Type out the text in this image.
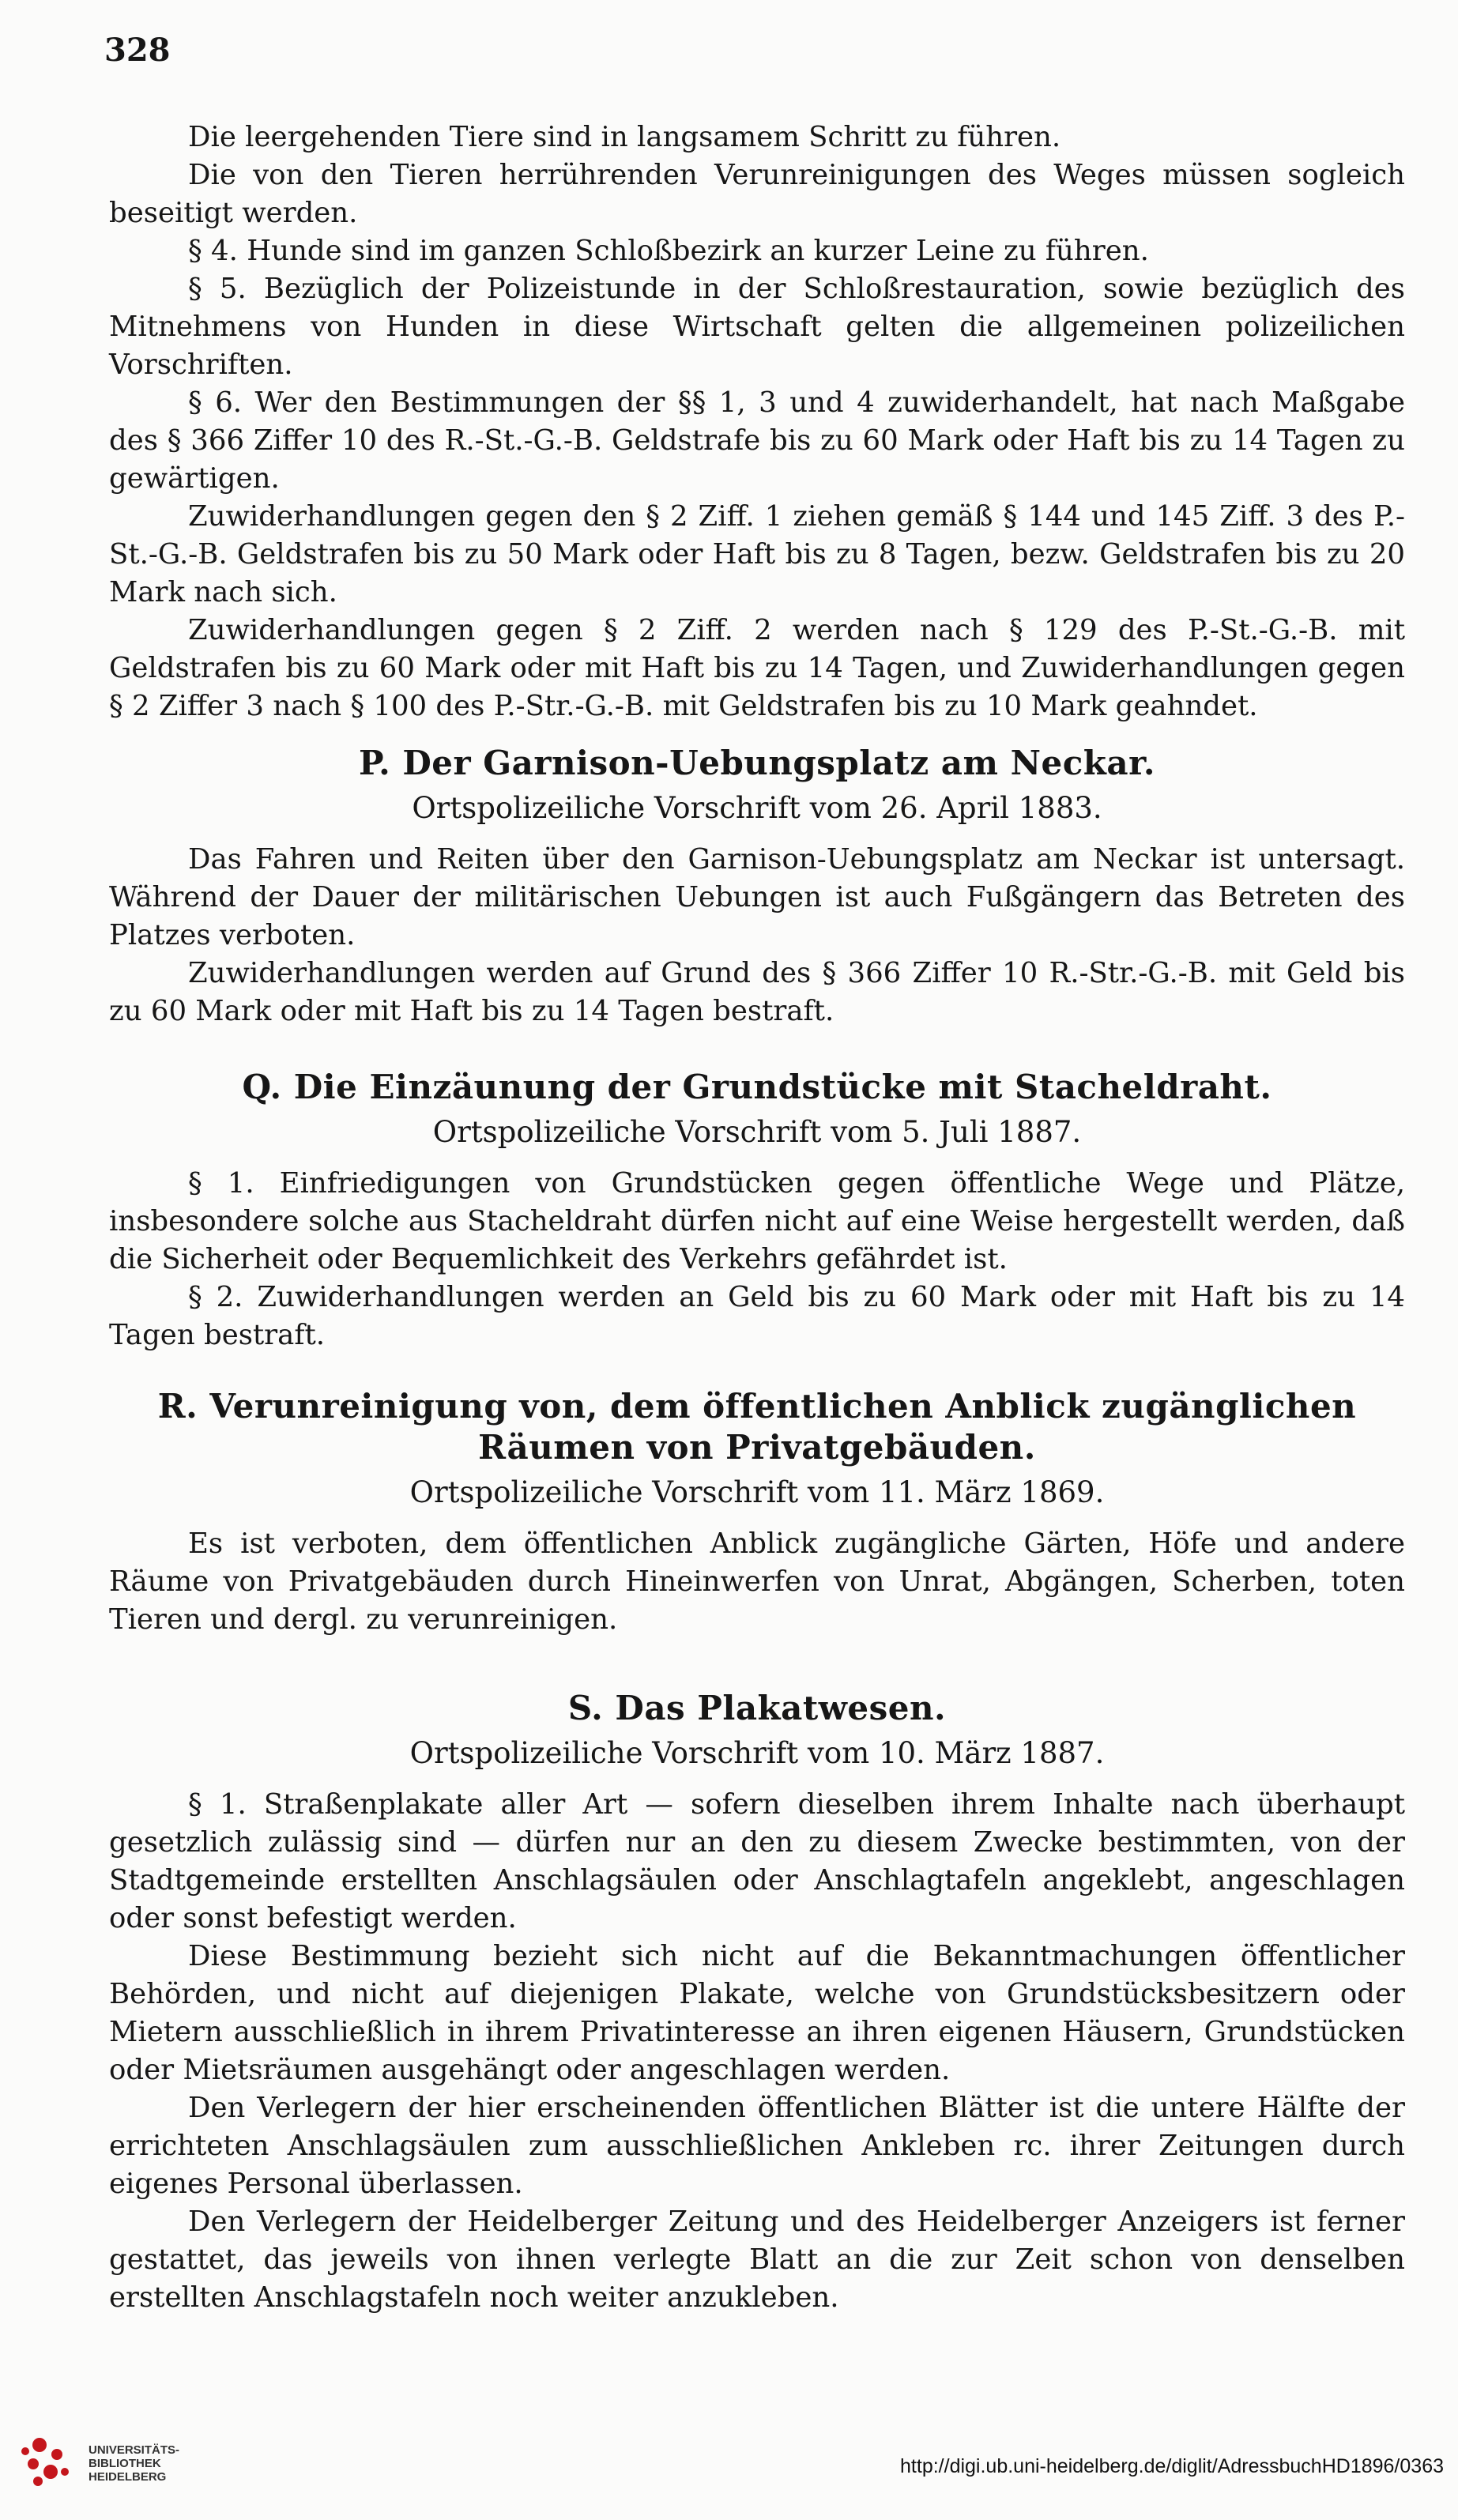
328

Die leergehenden Tiere sind in langsamem Schritt zu führen.

Die von den Tieren herrührenden Verunreinigungen des Weges müssen sogleich beseitigt werden.

§ 4. Hunde sind im ganzen Schloßbezirk an kurzer Leine zu führen.

§ 5. Bezüglich der Polizeistunde in der Schloßrestauration, sowie bezüglich des Mitnehmens von Hunden in diese Wirtschaft gelten die allgemeinen polizeilichen Vorschriften.

§ 6. Wer den Bestimmungen der §§ 1, 3 und 4 zuwiderhandelt, hat nach Maßgabe des § 366 Ziffer 10 des R.-St.-G.-B. Geldstrafe bis zu 60 Mark oder Haft bis zu 14 Tagen zu gewärtigen.

Zuwiderhandlungen gegen den § 2 Ziff. 1 ziehen gemäß § 144 und 145 Ziff. 3 des P.-St.-G.-B. Geldstrafen bis zu 50 Mark oder Haft bis zu 8 Tagen, bezw. Geldstrafen bis zu 20 Mark nach sich.

Zuwiderhandlungen gegen § 2 Ziff. 2 werden nach § 129 des P.-St.-G.-B. mit Geldstrafen bis zu 60 Mark oder mit Haft bis zu 14 Tagen, und Zuwiderhandlungen gegen § 2 Ziffer 3 nach § 100 des P.-Str.-G.-B. mit Geldstrafen bis zu 10 Mark geahndet.

P. Der Garnison-Uebungsplatz am Neckar.
Ortspolizeiliche Vorschrift vom 26. April 1883.

Das Fahren und Reiten über den Garnison-Uebungsplatz am Neckar ist untersagt. Während der Dauer der militärischen Uebungen ist auch Fußgängern das Betreten des Platzes verboten.

Zuwiderhandlungen werden auf Grund des § 366 Ziffer 10 R.-Str.-G.-B. mit Geld bis zu 60 Mark oder mit Haft bis zu 14 Tagen bestraft.

Q. Die Einzäunung der Grundstücke mit Stacheldraht.
Ortspolizeiliche Vorschrift vom 5. Juli 1887.

§ 1. Einfriedigungen von Grundstücken gegen öffentliche Wege und Plätze, insbesondere solche aus Stacheldraht dürfen nicht auf eine Weise hergestellt werden, daß die Sicherheit oder Bequemlichkeit des Verkehrs gefährdet ist.

§ 2. Zuwiderhandlungen werden an Geld bis zu 60 Mark oder mit Haft bis zu 14 Tagen bestraft.

R. Verunreinigung von, dem öffentlichen Anblick zugänglichen Räumen von Privatgebäuden.
Ortspolizeiliche Vorschrift vom 11. März 1869.

Es ist verboten, dem öffentlichen Anblick zugängliche Gärten, Höfe und andere Räume von Privatgebäuden durch Hineinwerfen von Unrat, Abgängen, Scherben, toten Tieren und dergl. zu verunreinigen.

S. Das Plakatwesen.
Ortspolizeiliche Vorschrift vom 10. März 1887.

§ 1. Straßenplakate aller Art — sofern dieselben ihrem Inhalte nach überhaupt gesetzlich zulässig sind — dürfen nur an den zu diesem Zwecke bestimmten, von der Stadtgemeinde erstellten Anschlagsäulen oder Anschlagtafeln angeklebt, angeschlagen oder sonst befestigt werden.

Diese Bestimmung bezieht sich nicht auf die Bekanntmachungen öffentlicher Behörden, und nicht auf diejenigen Plakate, welche von Grundstücksbesitzern oder Mietern ausschließlich in ihrem Privatinteresse an ihren eigenen Häusern, Grundstücken oder Mietsräumen ausgehängt oder angeschlagen werden.

Den Verlegern der hier erscheinenden öffentlichen Blätter ist die untere Hälfte der errichteten Anschlagsäulen zum ausschließlichen Ankleben rc. ihrer Zeitungen durch eigenes Personal überlassen.

Den Verlegern der Heidelberger Zeitung und des Heidelberger Anzeigers ist ferner gestattet, das jeweils von ihnen verlegte Blatt an die zur Zeit schon von denselben erstellten Anschlagstafeln noch weiter anzukleben.

UNIVERSITÄTS-
BIBLIOTHEK
HEIDELBERG	http://digi.ub.uni-heidelberg.de/diglit/AdressbuchHD1896/0363
